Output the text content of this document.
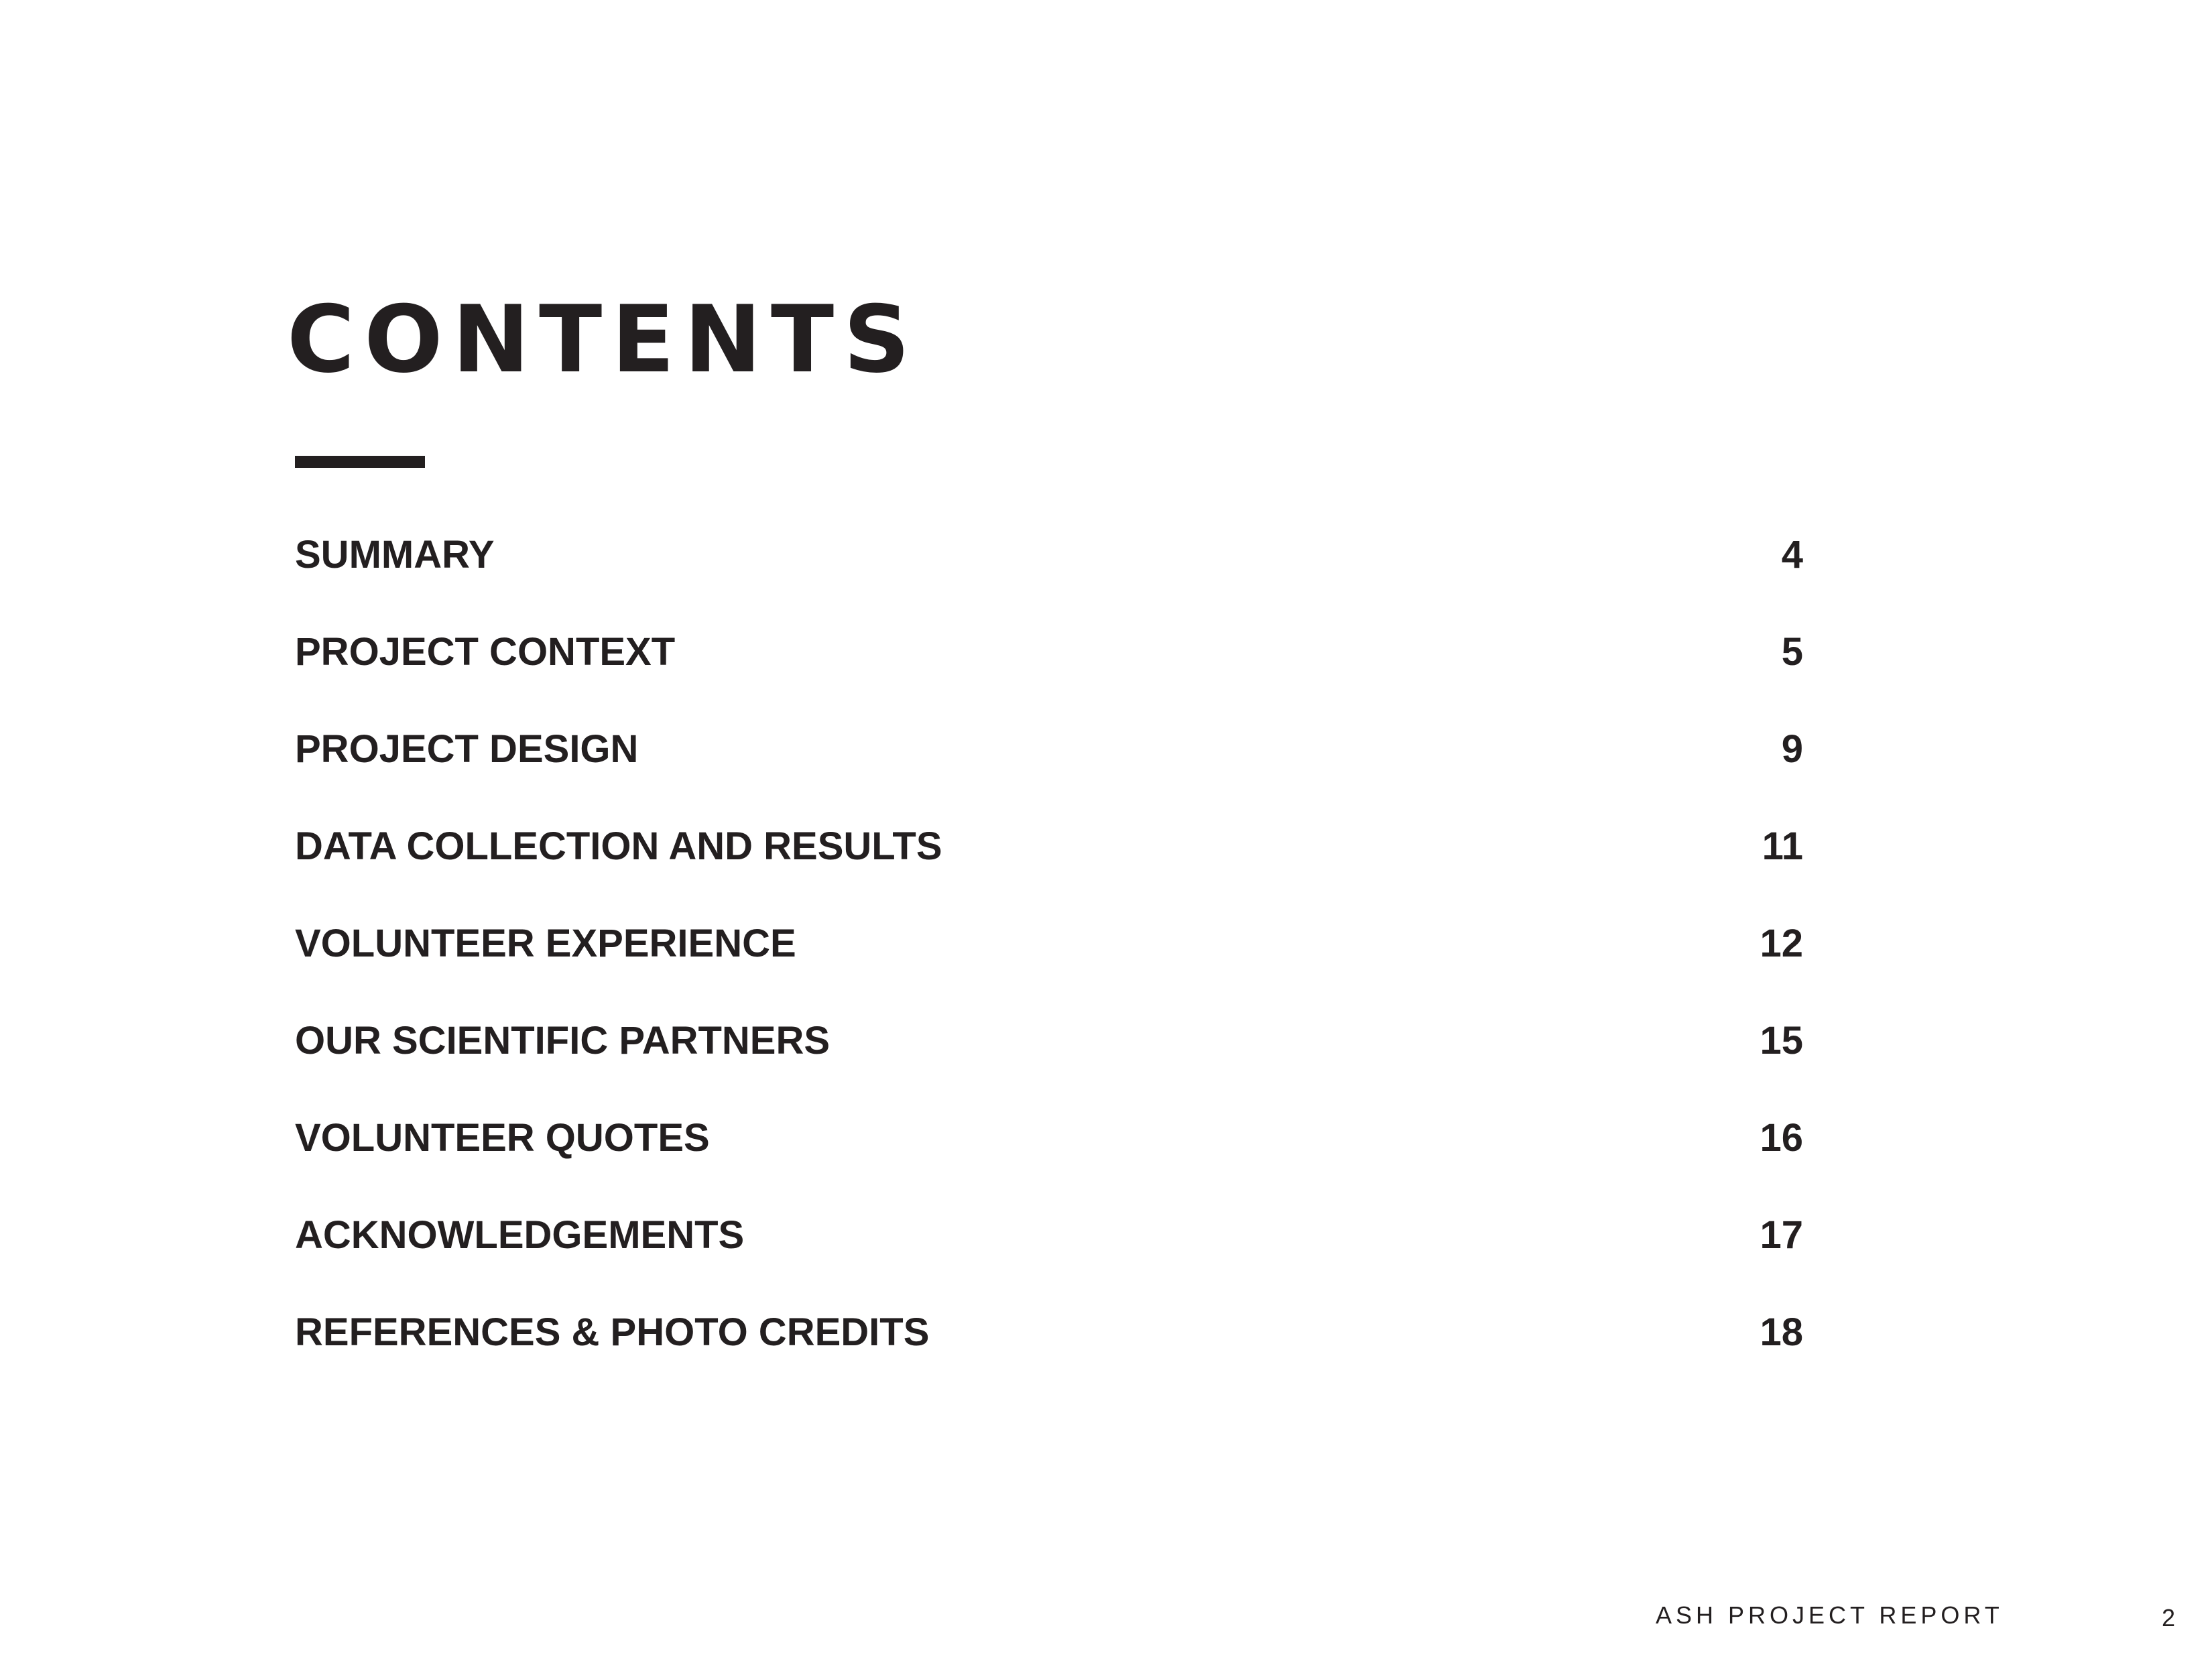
CONTENTS
SUMMARY	4
PROJECT CONTEXT	5
PROJECT DESIGN	9
DATA COLLECTION AND RESULTS	11
VOLUNTEER EXPERIENCE	12
OUR SCIENTIFIC PARTNERS	15
VOLUNTEER QUOTES	16
ACKNOWLEDGEMENTS	17
REFERENCES & PHOTO CREDITS	18
ASH PROJECT REPORT	2
